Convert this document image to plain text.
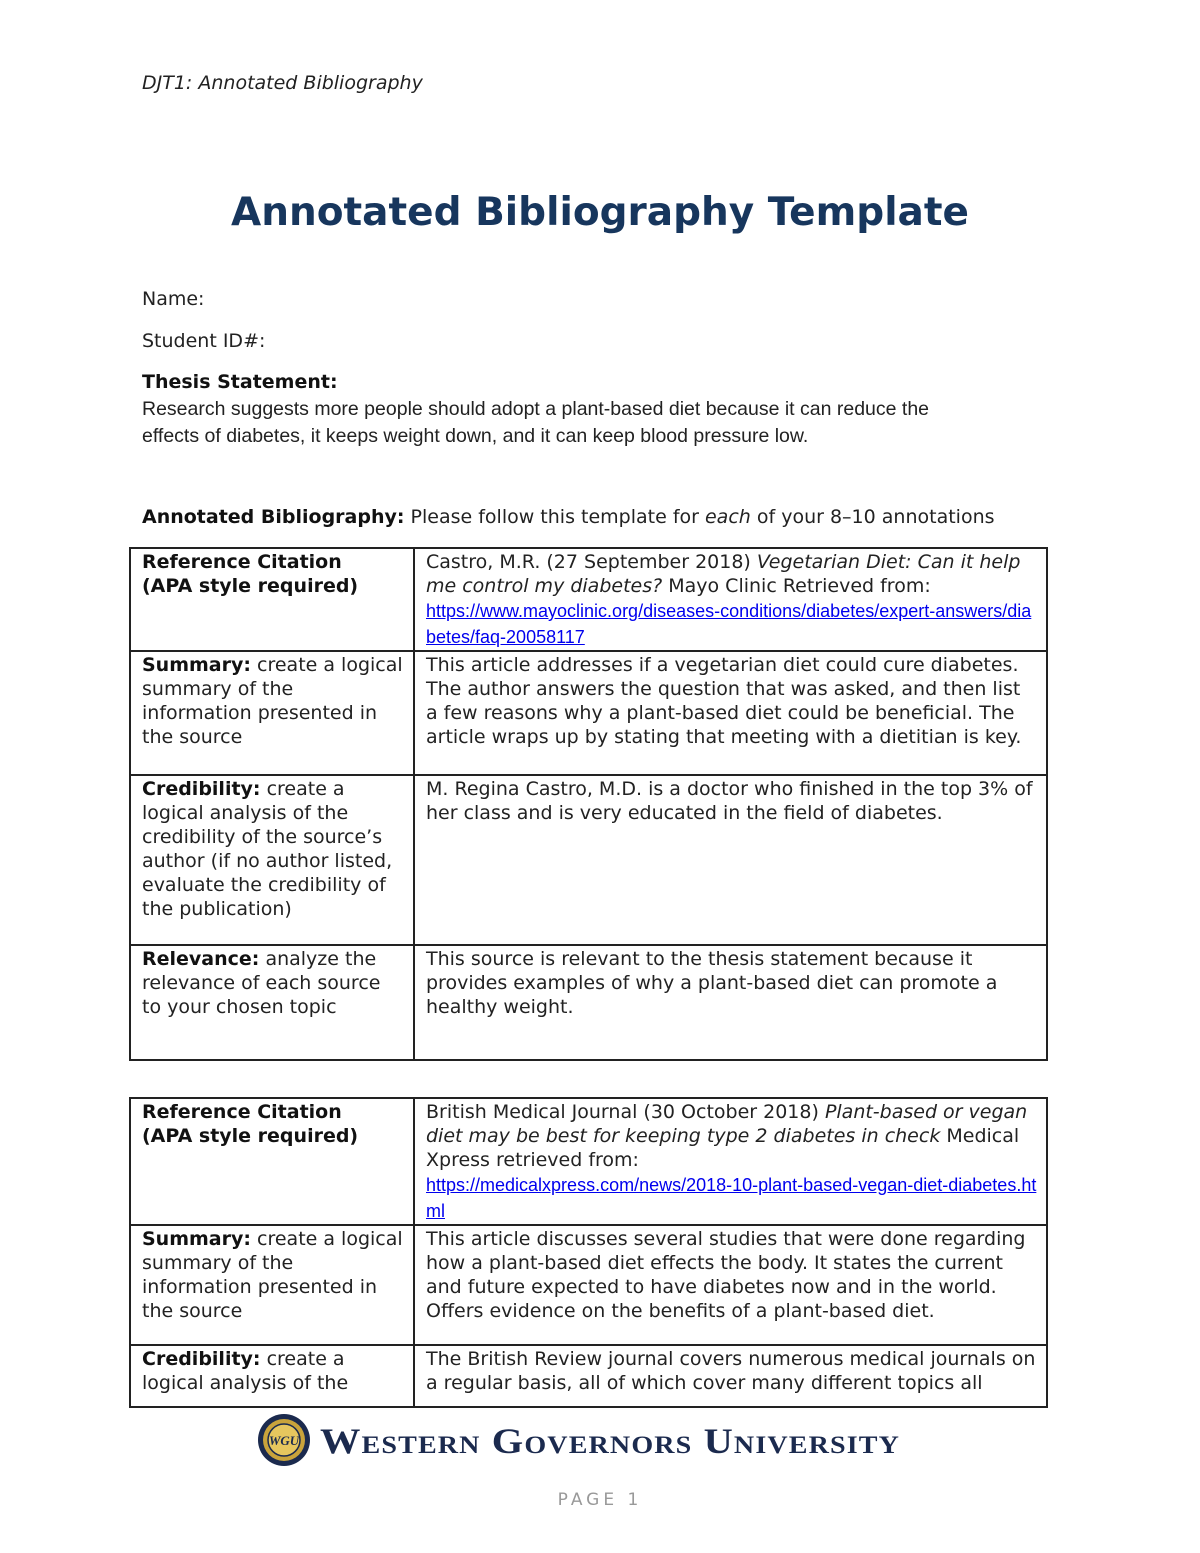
DJT1: Annotated Bibliography
Annotated Bibliography Template
Name:
Student ID#:
Thesis Statement:
Research suggests more people should adopt a plant-based diet because it can reduce the
effects of diabetes, it keeps weight down, and it can keep blood pressure low.
Annotated Bibliography: Please follow this template for each of your 8–10 annotations
Reference Citation
(APA style required)	Castro, M.R. (27 September 2018) Vegetarian Diet: Can it help me control my diabetes? Mayo Clinic Retrieved from:
https://www.mayoclinic.org/diseases-conditions/diabetes/expert-answers/diabetes/faq-20058117
Summary: create a logical summary of the information presented in the source	This article addresses if a vegetarian diet could cure diabetes. The author answers the question that was asked, and then list a few reasons why a plant-based diet could be beneficial. The article wraps up by stating that meeting with a dietitian is key.
Credibility: create a logical analysis of the credibility of the source’s author (if no author listed, evaluate the credibility of the publication)	M. Regina Castro, M.D. is a doctor who finished in the top 3% of her class and is very educated in the field of diabetes.
Relevance: analyze the relevance of each source to your chosen topic	This source is relevant to the thesis statement because it provides examples of why a plant-based diet can promote a healthy weight.
Reference Citation
(APA style required)	British Medical Journal (30 October 2018) Plant-based or vegan diet may be best for keeping type 2 diabetes in check Medical Xpress retrieved from:
https://medicalxpress.com/news/2018-10-plant-based-vegan-diet-diabetes.html
Summary: create a logical summary of the information presented in the source	This article discusses several studies that were done regarding how a plant-based diet effects the body. It states the current and future expected to have diabetes now and in the world. Offers evidence on the benefits of a plant-based diet.
Credibility: create a logical analysis of the	The British Review journal covers numerous medical journals on a regular basis, all of which cover many different topics all
WGU Western Governors University
PAGE 1
